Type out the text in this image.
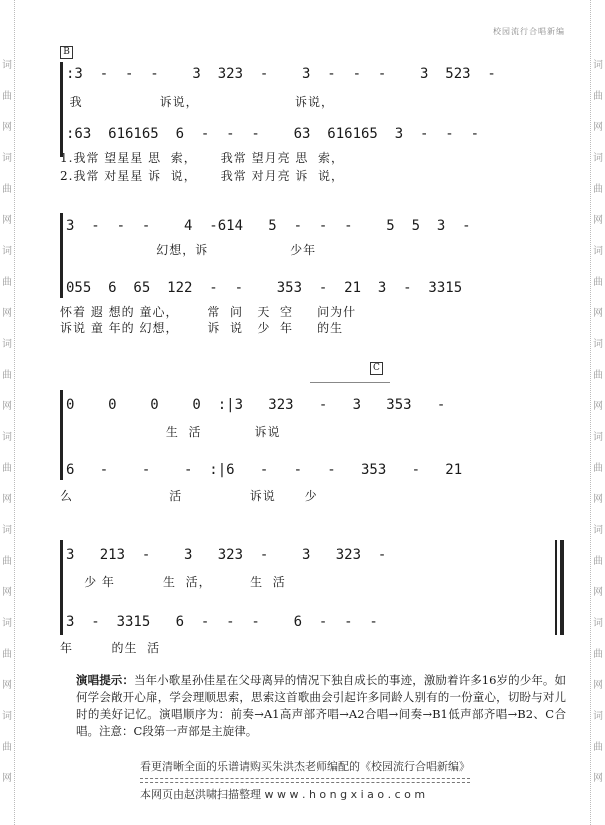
词
曲
网
词
曲
网
词
曲
网
词
曲
网
词
曲
网
词
曲
网
词
曲
网
词
曲
网
词
曲
网
词
曲
网
词
曲
网
词
曲
网
词
曲
网
词
曲
网
词
曲
网
词
曲
网
校园流行合唱新编
B
C
:3  -  -  -    3  323  -    3  -  -  -    3  523  -
我                诉说，                    诉说，
:63  616165  6  -  -  -    63  616165  3  -  -  -
1.我常 望星星 思  索，     我常 望月亮 思  索，
2.我常 对星星 诉  说，     我常 对月亮 诉  说，
3  -  -  -    4  -614   5  -  -  -    5  5  3  -
幻想，诉                 少年
055  6  65  122  -  -    353  -  21  3  -  3315
怀着 遐 想的 童心，      常  问   天  空     问为什
诉说 童 年的 幻想，      诉  说   少  年     的生
0    0    0    0  :|3   323   -   3   353   -
生  活           诉说
6   -    -    -  :|6   -   -   -   353   -   21
么                    活              诉说      少
3   213  -    3   323  -    3   323  -
少 年          生  活，        生  活
3  -  3315   6  -  -  -    6  -  -  -
年        的生  活
演唱提示：当年小歌星孙佳星在父母离异的情况下独自成长的事迹，激励着许多16岁的少年。如何学会敞开心扉，学会理顺思索，思索这首歌曲会引起许多同龄人别有的一份童心，切盼与对儿时的美好记忆。演唱顺序为：前奏→A1高声部齐唱→A2合唱→间奏→B1低声部齐唱→B2、C合唱。注意：C段第一声部是主旋律。
看更清晰全面的乐谱请购买朱洪杰老师编配的《校园流行合唱新编》
本网页由赵洪啸扫描整理 w w w . h o n g x i a o . c o m
